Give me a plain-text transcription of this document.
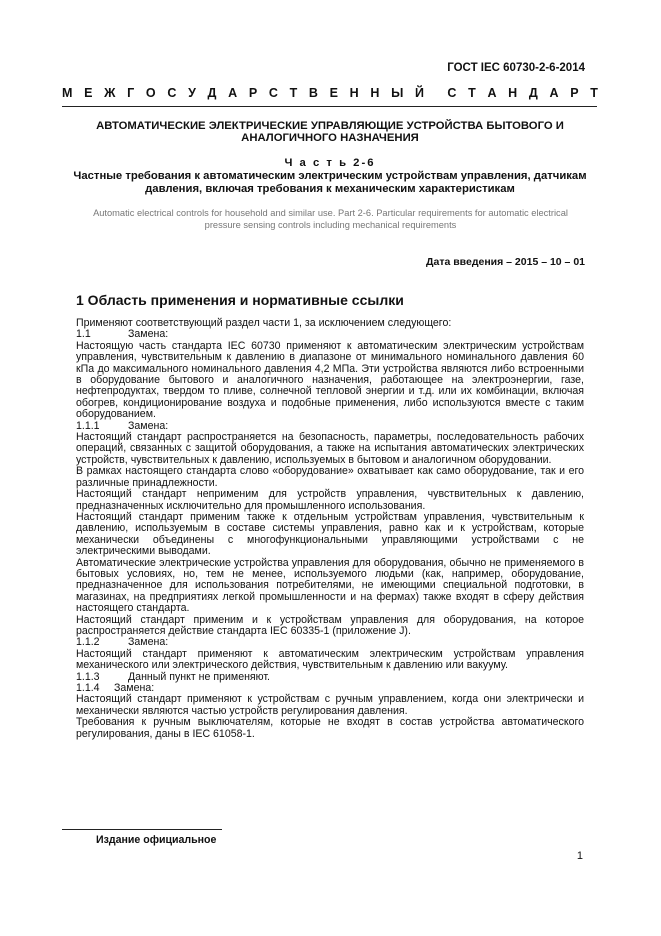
ГОСТ IEC 60730-2-6-2014
М Е Ж Г О С У Д А Р С Т В Е Н Н Ы Й С Т А Н Д А Р Т
АВТОМАТИЧЕСКИЕ ЭЛЕКТРИЧЕСКИЕ УПРАВЛЯЮЩИЕ УСТРОЙСТВА БЫТОВОГО И
АНАЛОГИЧНОГО НАЗНАЧЕНИЯ
Ч а с т ь 2-6
Частные требования к автоматическим электрическим устройствам управления, датчикам
давления, включая требования к механическим характеристикам
Automatic electrical controls for household and similar use. Part 2-6. Particular requirements for automatic electrical
pressure sensing controls including mechanical requirements
Дата введения – 2015 – 10 – 01
1 Область применения и нормативные ссылки

Применяют соответствующий раздел части 1, за исключением следующего:

1.1	Замена:

Настоящую часть стандарта IEC 60730 применяют к автоматическим электрическим устройствам управления, чувствительным к давлению в диапазоне от минимального номинального давления 60 кПа до максимального номинального давления 4,2 МПа. Эти устройства являются либо встроенными в оборудование бытового и аналогичного назначения, работающее на электроэнергии, газе, нефтепродуктах, твердом то пливе, солнечной тепловой энергии и т.д. или их комбинации, включая обогрев, кондиционирование воздуха и подобные применения, либо используются вместе с таким оборудованием.

1.1.1	Замена:

Настоящий стандарт распространяется на безопасность, параметры, последовательность рабочих операций, связанных с защитой оборудования, а также на испытания автоматических электрических устройств, чувствительных к давлению, используемых в бытовом и аналогичном оборудовании.

В рамках настоящего стандарта слово «оборудование» охватывает как само оборудование, так и его различные принадлежности.

Настоящий стандарт неприменим для устройств управления, чувствительных к давлению, предназначенных исключительно для промышленного использования.

Настоящий стандарт применим также к отдельным устройствам управления, чувствительным к давлению, используемым в составе системы управления, равно как и к устройствам, которые механически объединены с многофункциональными управляющими устройствами с не электрическими выводами.

Автоматические электрические устройства управления для оборудования, обычно не применяемого в бытовых условиях, но, тем не менее, используемого людьми (как, например, оборудование, предназначенное для использования потребителями, не имеющими специальной подготовки, в магазинах, на предприятиях легкой промышленности и на фермах) также входят в сферу действия настоящего стандарта.

Настоящий стандарт применим и к устройствам управления для оборудования, на которое распространяется действие стандарта IEC 60335-1 (приложение J).

1.1.2	Замена:

Настоящий стандарт применяют к автоматическим электрическим устройствам управления механического или электрического действия, чувствительным к давлению или вакууму.

1.1.3	Данный пункт не применяют.

1.1.4 Замена:

Настоящий стандарт применяют к устройствам с ручным управлением, когда они электрически и механически являются частью устройств регулирования давления.

Требования к ручным выключателям, которые не входят в состав устройства автоматического регулирования, даны в IEC 61058-1.

Издание официальное
1
